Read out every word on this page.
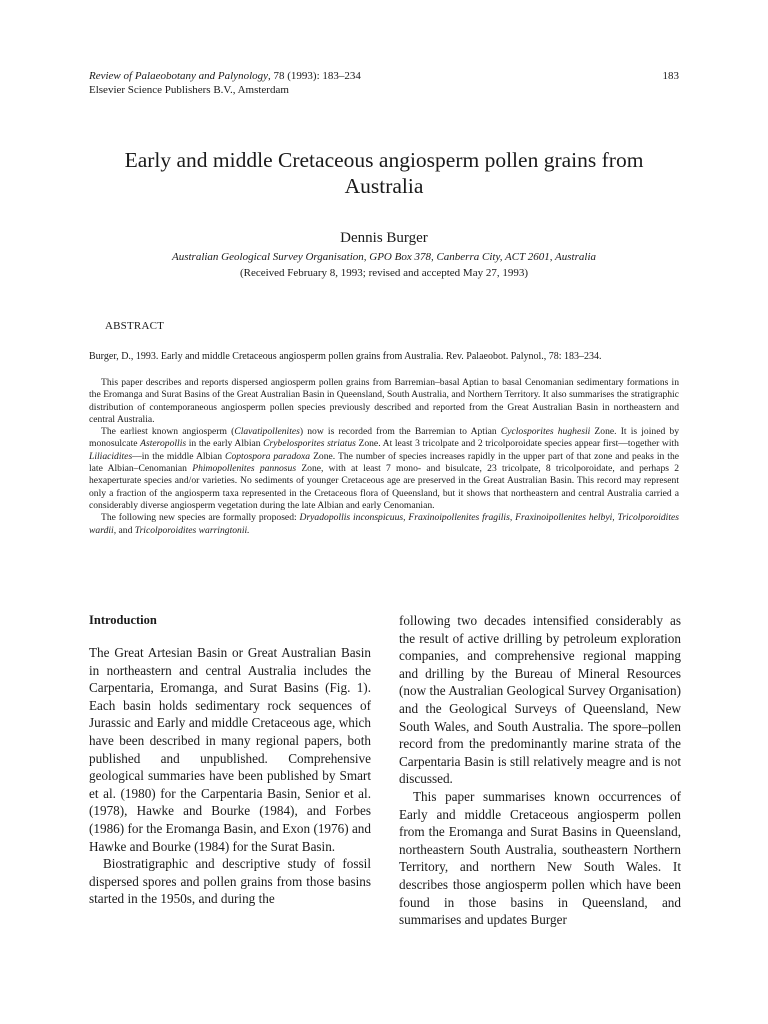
Review of Palaeobotany and Palynology, 78 (1993): 183–234
Elsevier Science Publishers B.V., Amsterdam
183
Early and middle Cretaceous angiosperm pollen grains from Australia
Dennis Burger
Australian Geological Survey Organisation, GPO Box 378, Canberra City, ACT 2601, Australia
(Received February 8, 1993; revised and accepted May 27, 1993)
ABSTRACT
Burger, D., 1993. Early and middle Cretaceous angiosperm pollen grains from Australia. Rev. Palaeobot. Palynol., 78: 183–234.

This paper describes and reports dispersed angiosperm pollen grains from Barremian–basal Aptian to basal Cenomanian sedimentary formations in the Eromanga and Surat Basins of the Great Australian Basin in Queensland, South Australia, and Northern Territory. It also summarises the stratigraphic distribution of contemporaneous angiosperm pollen species previously described and reported from the Great Australian Basin in northeastern and central Australia.

The earliest known angiosperm (Clavatipollenites) now is recorded from the Barremian to Aptian Cyclosporites hughesii Zone. It is joined by monosulcate Asteropollis in the early Albian Crybelosporites striatus Zone. At least 3 tricolpate and 2 tricolporoidate species appear first—together with Liliacidites—in the middle Albian Coptospora paradoxa Zone. The number of species increases rapidly in the upper part of that zone and peaks in the late Albian–Cenomanian Phimopollenites pannosus Zone, with at least 7 mono- and bisulcate, 23 tricolpate, 8 tricolporoidate, and perhaps 2 hexaperturate species and/or varieties. No sediments of younger Cretaceous age are preserved in the Great Australian Basin. This record may represent only a fraction of the angiosperm taxa represented in the Cretaceous flora of Queensland, but it shows that northeastern and central Australia carried a considerably diverse angiosperm vegetation during the late Albian and early Cenomanian.

The following new species are formally proposed: Dryadopollis inconspicuus, Fraxinoipollenites fragilis, Fraxinoipollenites helbyi, Tricolporoidites wardii, and Tricolporoidites warringtonii.

Introduction

The Great Artesian Basin or Great Australian Basin in northeastern and central Australia includes the Carpentaria, Eromanga, and Surat Basins (Fig. 1). Each basin holds sedimentary rock sequences of Jurassic and Early and middle Cretaceous age, which have been described in many regional papers, both published and unpublished. Comprehensive geological summaries have been published by Smart et al. (1980) for the Carpentaria Basin, Senior et al. (1978), Hawke and Bourke (1984), and Forbes (1986) for the Eromanga Basin, and Exon (1976) and Hawke and Bourke (1984) for the Surat Basin.

Biostratigraphic and descriptive study of fossil dispersed spores and pollen grains from those basins started in the 1950s, and during the

following two decades intensified considerably as the result of active drilling by petroleum exploration companies, and comprehensive regional mapping and drilling by the Bureau of Mineral Resources (now the Australian Geological Survey Organisation) and the Geological Surveys of Queensland, New South Wales, and South Australia. The spore–pollen record from the predominantly marine strata of the Carpentaria Basin is still relatively meagre and is not discussed.

This paper summarises known occurrences of Early and middle Cretaceous angiosperm pollen from the Eromanga and Surat Basins in Queensland, northeastern South Australia, southeastern Northern Territory, and northern New South Wales. It describes those angiosperm pollen which have been found in those basins in Queensland, and summarises and updates Burger
